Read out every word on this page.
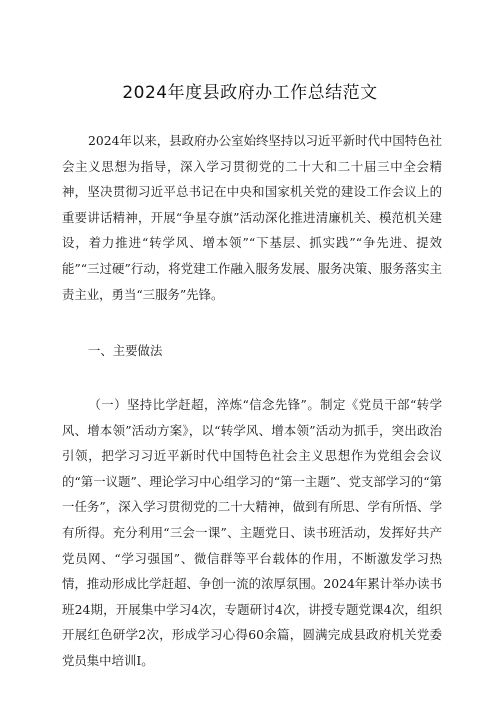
2024年度县政府办工作总结范文

2024年以来，县政府办公室始终坚持以习近平新时代中国特色社会主义思想为指导，深入学习贯彻党的二十大和二十届三中全会精神，坚决贯彻习近平总书记在中央和国家机关党的建设工作会议上的重要讲话精神，开展“争星夺旗”活动深化推进清廉机关、模范机关建设，着力推进“转学风、增本领”“下基层、抓实践”“争先进、提效能”“三过硬”行动，将党建工作融入服务发展、服务决策、服务落实主责主业，勇当“三服务”先锋。

一、主要做法

（一）坚持比学赶超，淬炼“信念先锋”。制定《党员干部“转学风、增本领”活动方案》，以“转学风、增本领”活动为抓手，突出政治引领，把学习习近平新时代中国特色社会主义思想作为党组会会议的“第一议题”、理论学习中心组学习的“第一主题”、党支部学习的“第一任务”，深入学习贯彻党的二十大精神，做到有所思、学有所悟、学有所得。充分利用“三会一课”、主题党日、读书班活动，发挥好共产党员网、“学习强国”、微信群等平台载体的作用，不断激发学习热情，推动形成比学赶超、争创一流的浓厚氛围。2024年累计举办读书班24期，开展集中学习4次，专题研讨4次，讲授专题党课4次，组织开展红色研学2次，形成学习心得60余篇，圆满完成县政府机关党委党员集中培训I。
